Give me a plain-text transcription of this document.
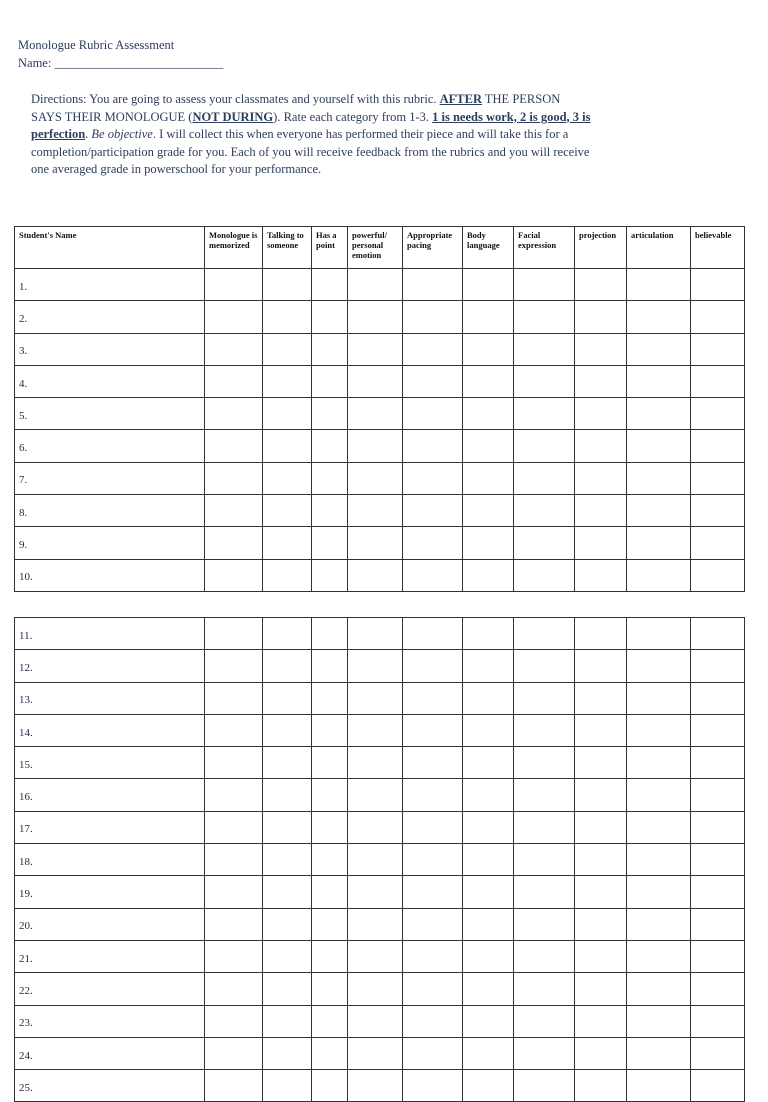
Monologue Rubric Assessment
Name: ___________________________
Directions: You are going to assess your classmates and yourself with this rubric. AFTER THE PERSON SAYS THEIR MONOLOGUE (NOT DURING). Rate each category from 1-3. 1 is needs work, 2 is good, 3 is perfection. Be objective. I will collect this when everyone has performed their piece and will take this for a completion/participation grade for you. Each of you will receive feedback from the rubrics and you will receive one averaged grade in powerschool for your performance.
Student's Name	Monologue is memorized	Talking to someone	Has a point	powerful/ personal emotion	Appropriate pacing	Body language	Facial expression	projection	articulation	believable
1.										
2.										
3.										
4.										
5.										
6.										
7.										
8.										
9.										
10.										
11.										
12.										
13.										
14.										
15.										
16.										
17.										
18.										
19.										
20.										
21.										
22.										
23.										
24.										
25.										
